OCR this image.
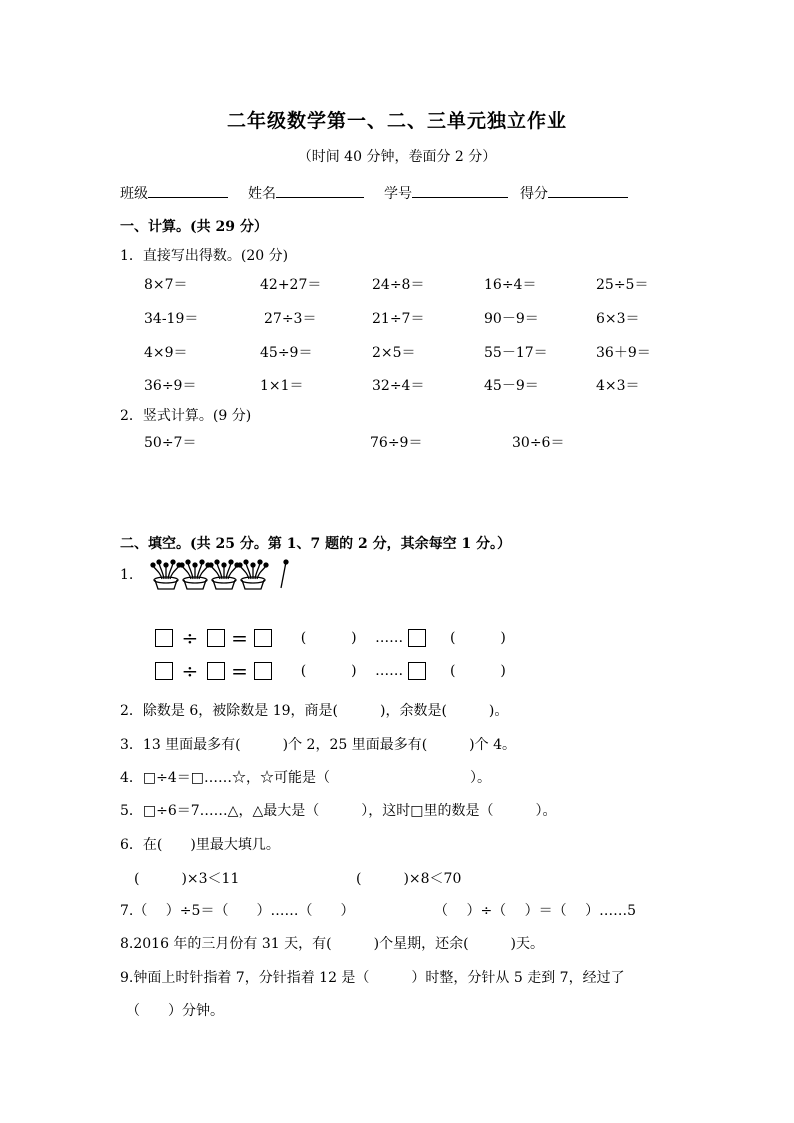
二年级数学第一、二、三单元独立作业
（时间 40 分钟，卷面分 2 分）
班级	姓名	学号	得分
一、计算。(共 29 分）
1．直接写出得数。(20 分)
8×7＝	42+27＝	24÷8＝	16÷4＝	25÷5＝
34-19＝	27÷3＝	21÷7＝	90－9＝	6×3＝
4×9＝	45÷9＝	2×5＝	55－17＝	36＋9＝
36÷9＝	1×1＝	32÷4＝	45－9＝	4×3＝
2．竖式计算。(9 分)
50÷7＝	76÷9＝	30÷6＝
二、填空。(共 25 分。第 1、7 题的 2 分，其余每空 1 分。）
1.
÷ =	(	) ……	(	)
÷ =	(	) ……	(	)
2．除数是 6，被除数是 19，商是(　　　)，余数是(　　　)。
3．13 里面最多有(　　　)个 2，25 里面最多有(　　　)个 4。
4．□÷4＝□……☆，☆可能是（　　　　　　　　　　）。
5．□÷6＝7……△，△最大是（　　　），这时□里的数是（　　　）。
6．在(　　)里最大填几。
(　　　)×3＜11	(　　　)×8＜70
7.（　 ）÷5＝（　　）……（　　）	（　 ）÷（　 ）＝（　 ）……5
8.2016 年的三月份有 31 天，有(　　　)个星期，还余(　　　)天。
9.钟面上时针指着 7，分针指着 12 是（　　　）时整，分针从 5 走到 7，经过了
（　　）分钟。
